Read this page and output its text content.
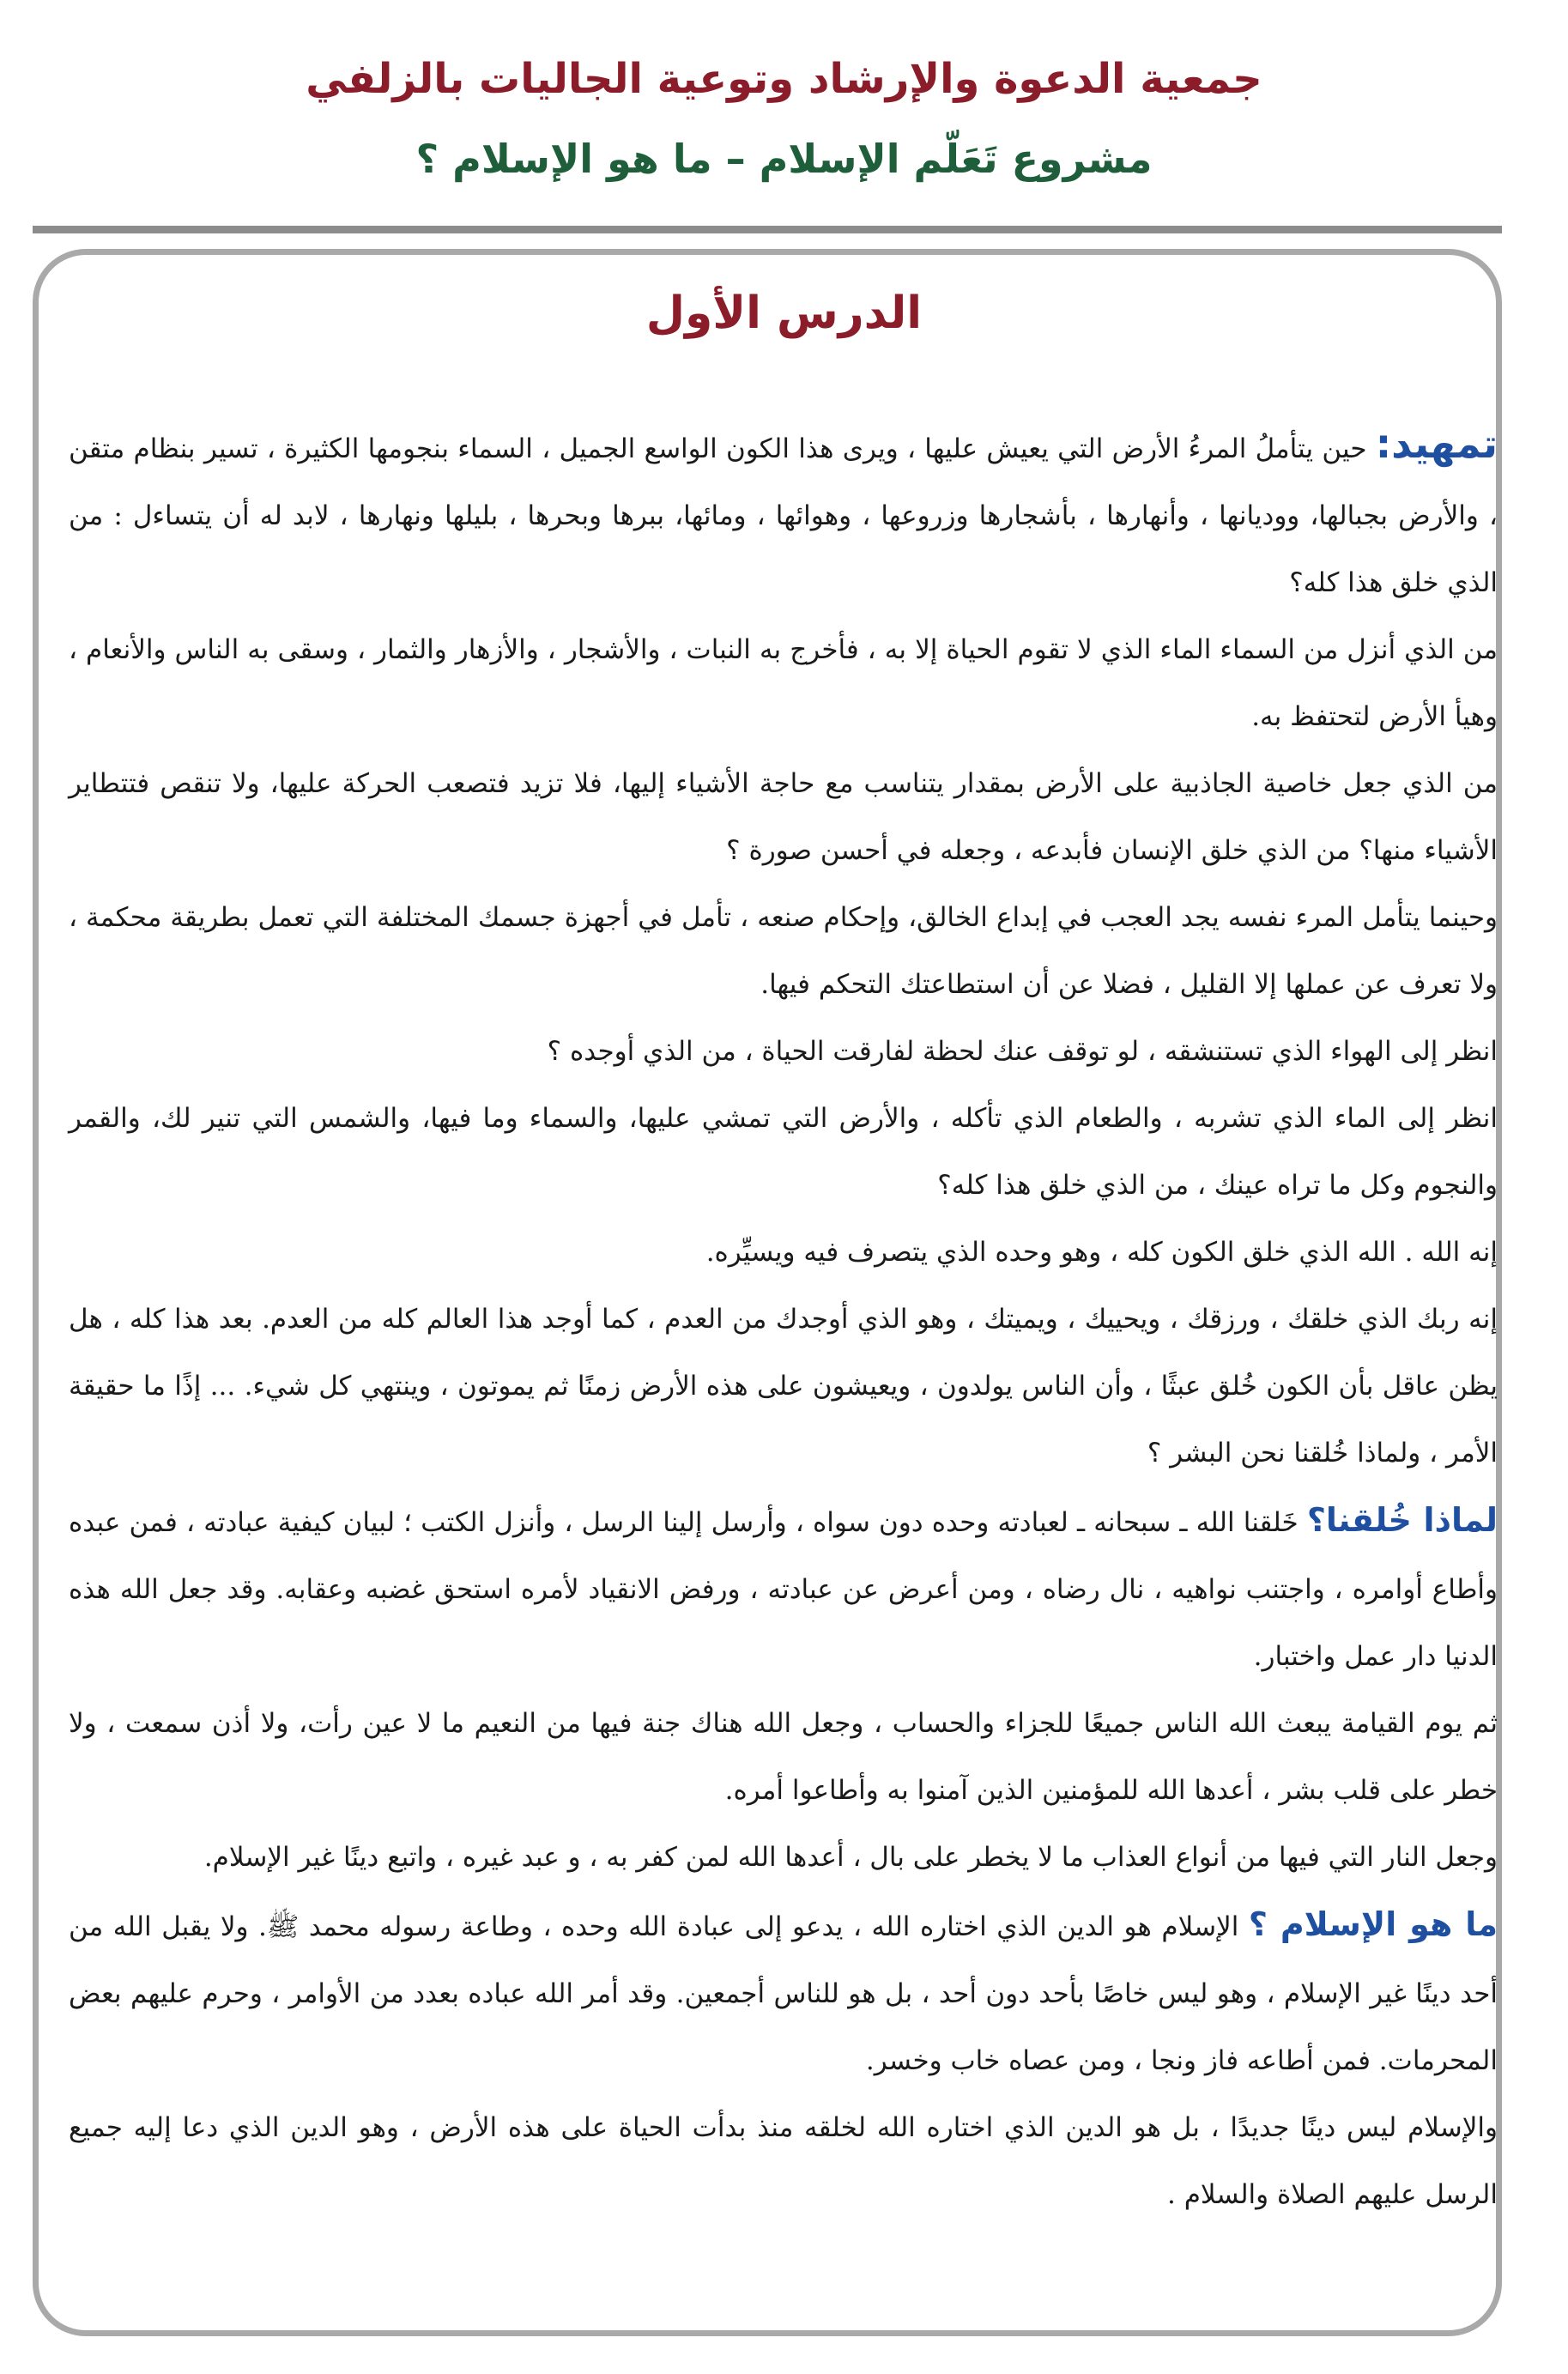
جمعية الدعوة والإرشاد وتوعية الجاليات بالزلفي
مشروع تَعَلّم الإسلام – ما هو الإسلام ؟
الدرس الأول

تمهيد: حين يتأملُ المرءُ الأرض التي يعيش عليها ، ويرى هذا الكون الواسع الجميل ، السماء بنجومها الكثيرة ، تسير بنظام متقن ، والأرض بجبالها، ووديانها ، وأنهارها ، بأشجارها وزروعها ، وهوائها ، ومائها، ببرها وبحرها ، بليلها ونهارها ، لابد له أن يتساءل : من الذي خلق هذا كله؟

من الذي أنزل من السماء الماء الذي لا تقوم الحياة إلا به ، فأخرج به النبات ، والأشجار ، والأزهار والثمار ، وسقى به الناس والأنعام ، وهيأ الأرض لتحتفظ به.

من الذي جعل خاصية الجاذبية على الأرض بمقدار يتناسب مع حاجة الأشياء إليها، فلا تزيد فتصعب الحركة عليها، ولا تنقص فتتطاير الأشياء منها؟ من الذي خلق الإنسان فأبدعه ، وجعله في أحسن صورة ؟

وحينما يتأمل المرء نفسه يجد العجب في إبداع الخالق، وإحكام صنعه ، تأمل في أجهزة جسمك المختلفة التي تعمل بطريقة محكمة ، ولا تعرف عن عملها إلا القليل ، فضلا عن أن استطاعتك التحكم فيها.

انظر إلى الهواء الذي تستنشقه ، لو توقف عنك لحظة لفارقت الحياة ، من الذي أوجده ؟

انظر إلى الماء الذي تشربه ، والطعام الذي تأكله ، والأرض التي تمشي عليها، والسماء وما فيها، والشمس التي تنير لك، والقمر والنجوم وكل ما تراه عينك ، من الذي خلق هذا كله؟

إنه الله . الله الذي خلق الكون كله ، وهو وحده الذي يتصرف فيه ويسيِّره.

إنه ربك الذي خلقك ، ورزقك ، ويحييك ، ويميتك ، وهو الذي أوجدك من العدم ، كما أوجد هذا العالم كله من العدم. بعد هذا كله ، هل يظن عاقل بأن الكون خُلق عبثًا ، وأن الناس يولدون ، ويعيشون على هذه الأرض زمنًا ثم يموتون ، وينتهي كل شيء. ... إذًا ما حقيقة الأمر ، ولماذا خُلقنا نحن البشر ؟

لماذا خُلقنا؟ خَلقنا الله ـ سبحانه ـ لعبادته وحده دون سواه ، وأرسل إلينا الرسل ، وأنزل الكتب ؛ لبيان كيفية عبادته ، فمن عبده وأطاع أوامره ، واجتنب نواهيه ، نال رضاه ، ومن أعرض عن عبادته ، ورفض الانقياد لأمره استحق غضبه وعقابه. وقد جعل الله هذه الدنيا دار عمل واختبار.

ثم يوم القيامة يبعث الله الناس جميعًا للجزاء والحساب ، وجعل الله هناك جنة فيها من النعيم ما لا عين رأت، ولا أذن سمعت ، ولا خطر على قلب بشر ، أعدها الله للمؤمنين الذين آمنوا به وأطاعوا أمره.

وجعل النار التي فيها من أنواع العذاب ما لا يخطر على بال ، أعدها الله لمن كفر به ، و عبد غيره ، واتبع دينًا غير الإسلام.

ما هو الإسلام ؟ الإسلام هو الدين الذي اختاره الله ، يدعو إلى عبادة الله وحده ، وطاعة رسوله محمد ﷺ. ولا يقبل الله من أحد دينًا غير الإسلام ، وهو ليس خاصًا بأحد دون أحد ، بل هو للناس أجمعين. وقد أمر الله عباده بعدد من الأوامر ، وحرم عليهم بعض المحرمات. فمن أطاعه فاز ونجا ، ومن عصاه خاب وخسر.

والإسلام ليس دينًا جديدًا ، بل هو الدين الذي اختاره الله لخلقه منذ بدأت الحياة على هذه الأرض ، وهو الدين الذي دعا إليه جميع الرسل عليهم الصلاة والسلام .
